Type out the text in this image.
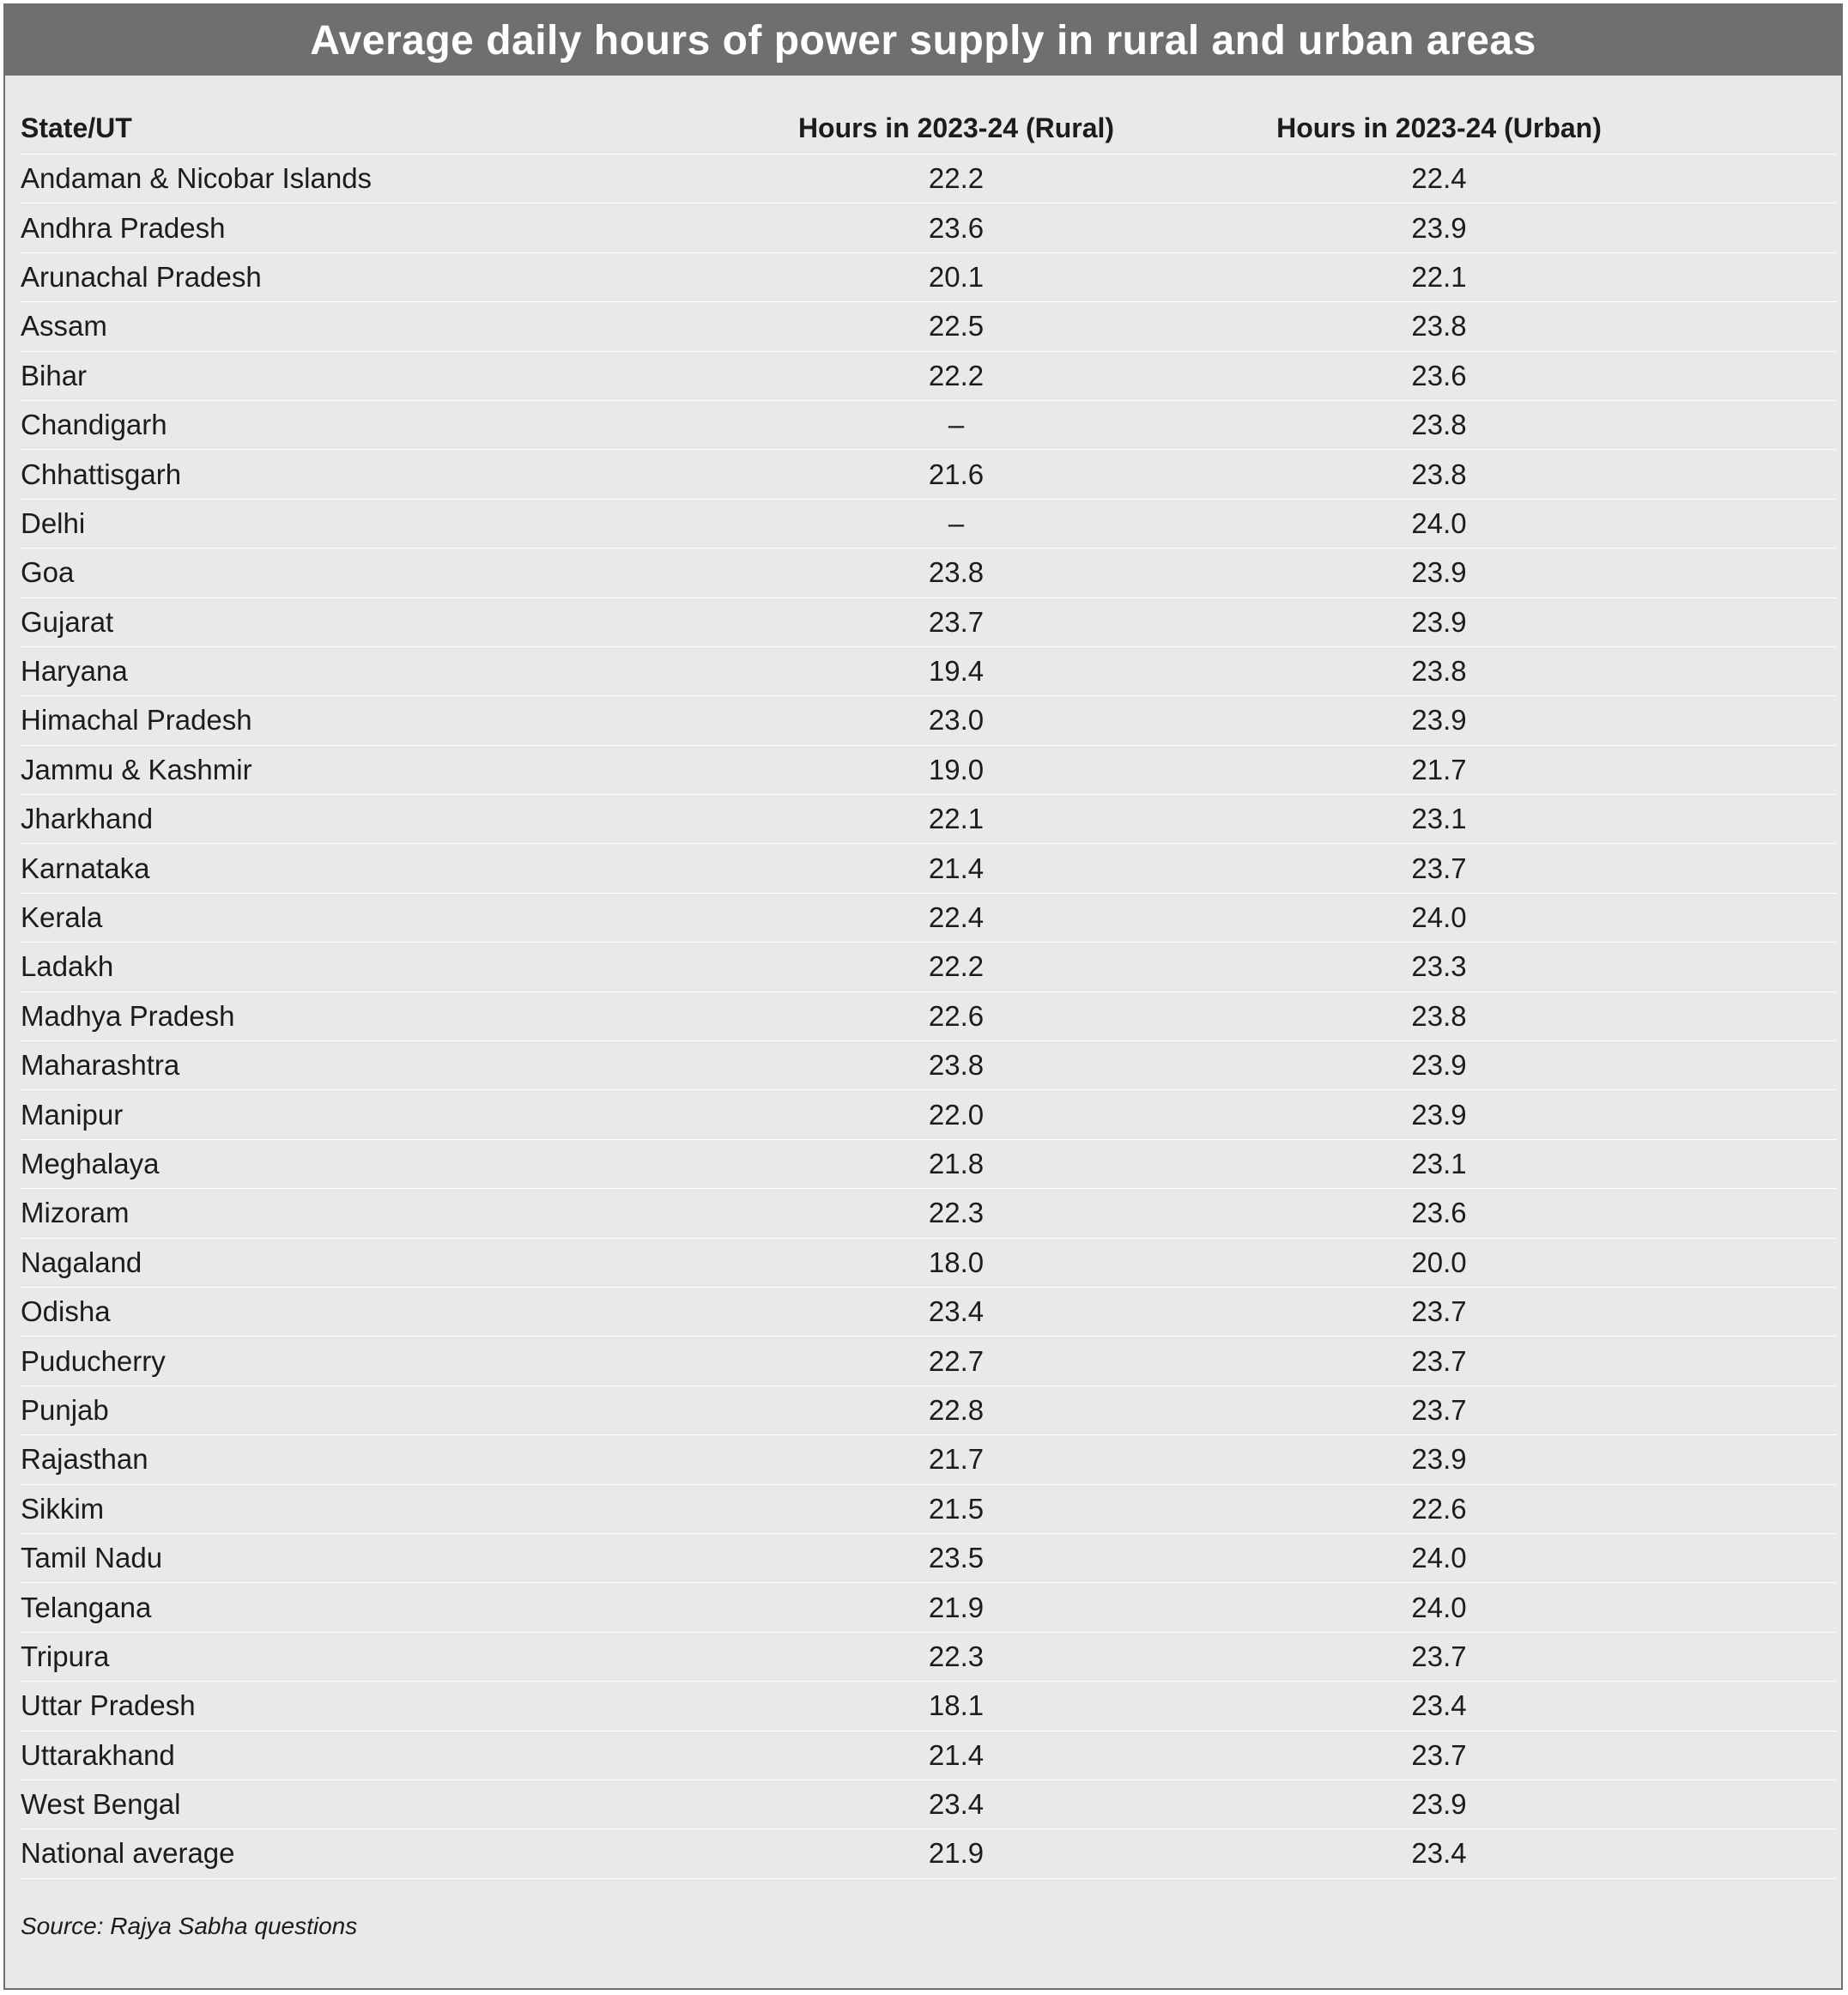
Average daily hours of power supply in rural and urban areas
State/UT	Hours in 2023-24 (Rural)	Hours in 2023-24 (Urban)
Andaman & Nicobar Islands	22.2	22.4
Andhra Pradesh	23.6	23.9
Arunachal Pradesh	20.1	22.1
Assam	22.5	23.8
Bihar	22.2	23.6
Chandigarh	–	23.8
Chhattisgarh	21.6	23.8
Delhi	–	24.0
Goa	23.8	23.9
Gujarat	23.7	23.9
Haryana	19.4	23.8
Himachal Pradesh	23.0	23.9
Jammu & Kashmir	19.0	21.7
Jharkhand	22.1	23.1
Karnataka	21.4	23.7
Kerala	22.4	24.0
Ladakh	22.2	23.3
Madhya Pradesh	22.6	23.8
Maharashtra	23.8	23.9
Manipur	22.0	23.9
Meghalaya	21.8	23.1
Mizoram	22.3	23.6
Nagaland	18.0	20.0
Odisha	23.4	23.7
Puducherry	22.7	23.7
Punjab	22.8	23.7
Rajasthan	21.7	23.9
Sikkim	21.5	22.6
Tamil Nadu	23.5	24.0
Telangana	21.9	24.0
Tripura	22.3	23.7
Uttar Pradesh	18.1	23.4
Uttarakhand	21.4	23.7
West Bengal	23.4	23.9
National average	21.9	23.4
Source: Rajya Sabha questions
